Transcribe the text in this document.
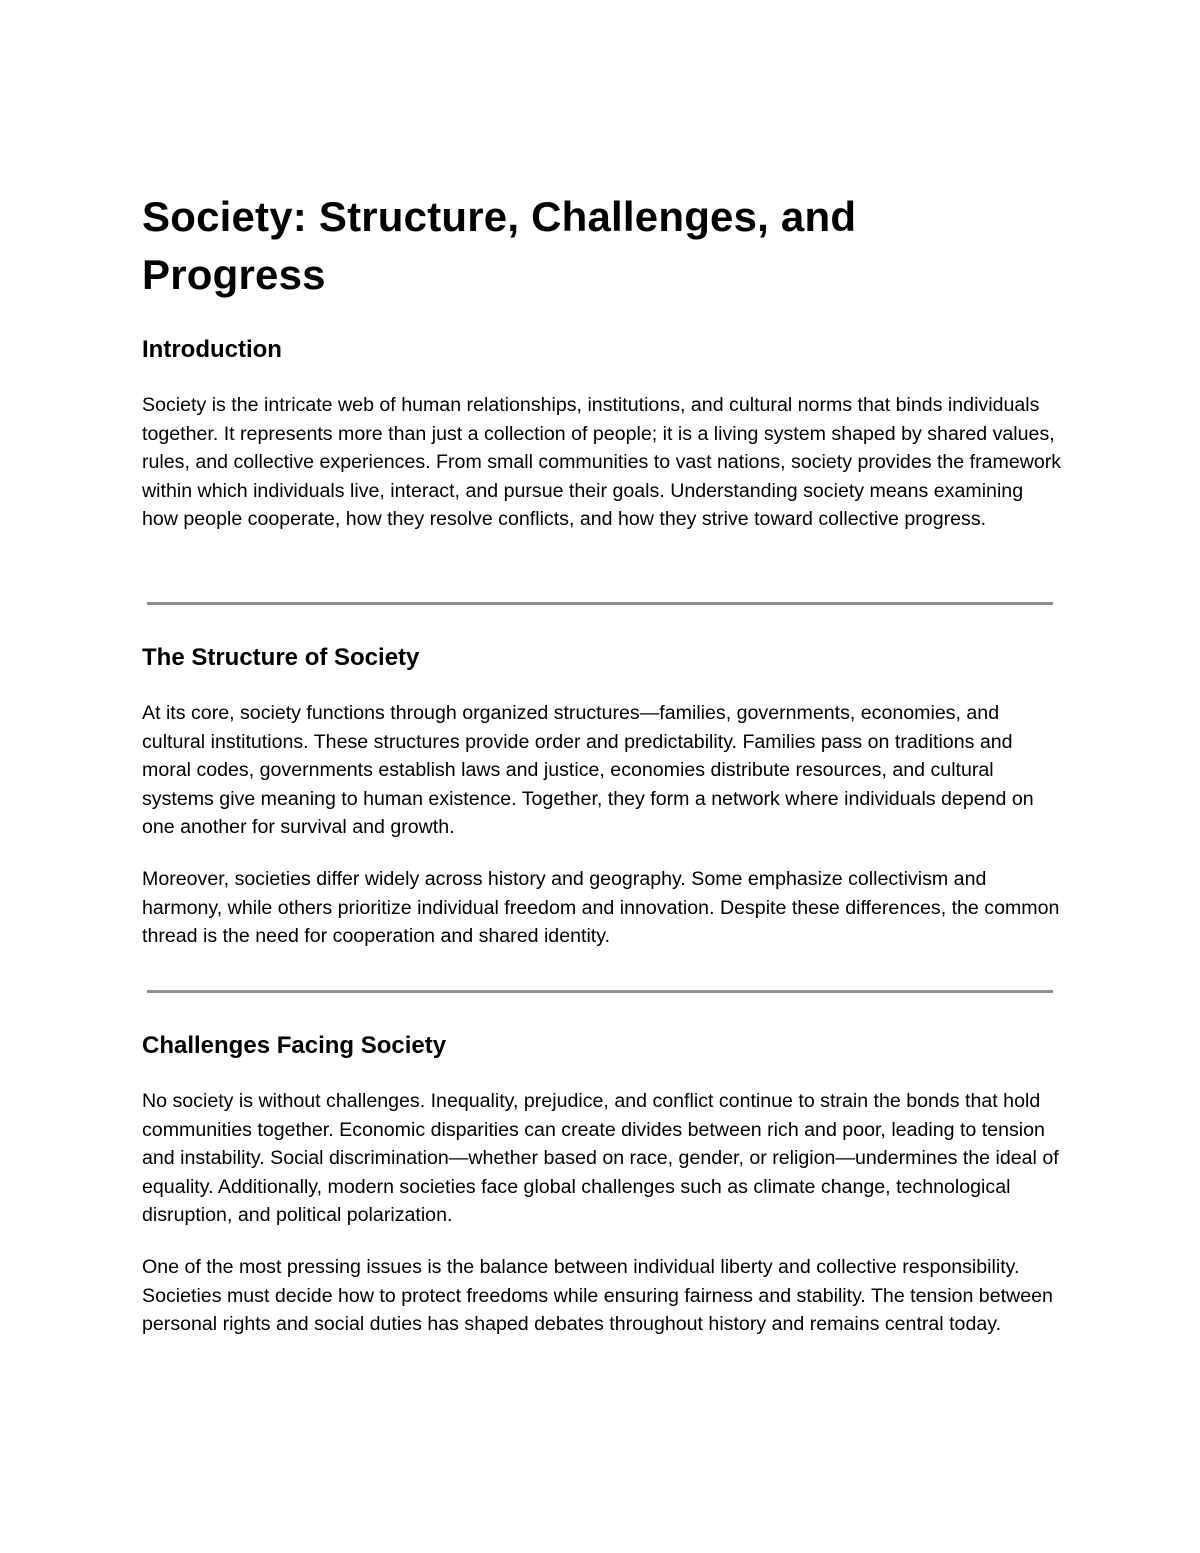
Society: Structure, Challenges, and Progress
Introduction

Society is the intricate web of human relationships, institutions, and cultural norms that binds individuals together. It represents more than just a collection of people; it is a living system shaped by shared values, rules, and collective experiences. From small communities to vast nations, society provides the framework within which individuals live, interact, and pursue their goals. Understanding society means examining how people cooperate, how they resolve conflicts, and how they strive toward collective progress.

The Structure of Society

At its core, society functions through organized structures—families, governments, economies, and cultural institutions. These structures provide order and predictability. Families pass on traditions and moral codes, governments establish laws and justice, economies distribute resources, and cultural systems give meaning to human existence. Together, they form a network where individuals depend on one another for survival and growth.

Moreover, societies differ widely across history and geography. Some emphasize collectivism and harmony, while others prioritize individual freedom and innovation. Despite these differences, the common thread is the need for cooperation and shared identity.

Challenges Facing Society

No society is without challenges. Inequality, prejudice, and conflict continue to strain the bonds that hold communities together. Economic disparities can create divides between rich and poor, leading to tension and instability. Social discrimination—whether based on race, gender, or religion—undermines the ideal of equality. Additionally, modern societies face global challenges such as climate change, technological disruption, and political polarization.

One of the most pressing issues is the balance between individual liberty and collective responsibility. Societies must decide how to protect freedoms while ensuring fairness and stability. The tension between personal rights and social duties has shaped debates throughout history and remains central today.
